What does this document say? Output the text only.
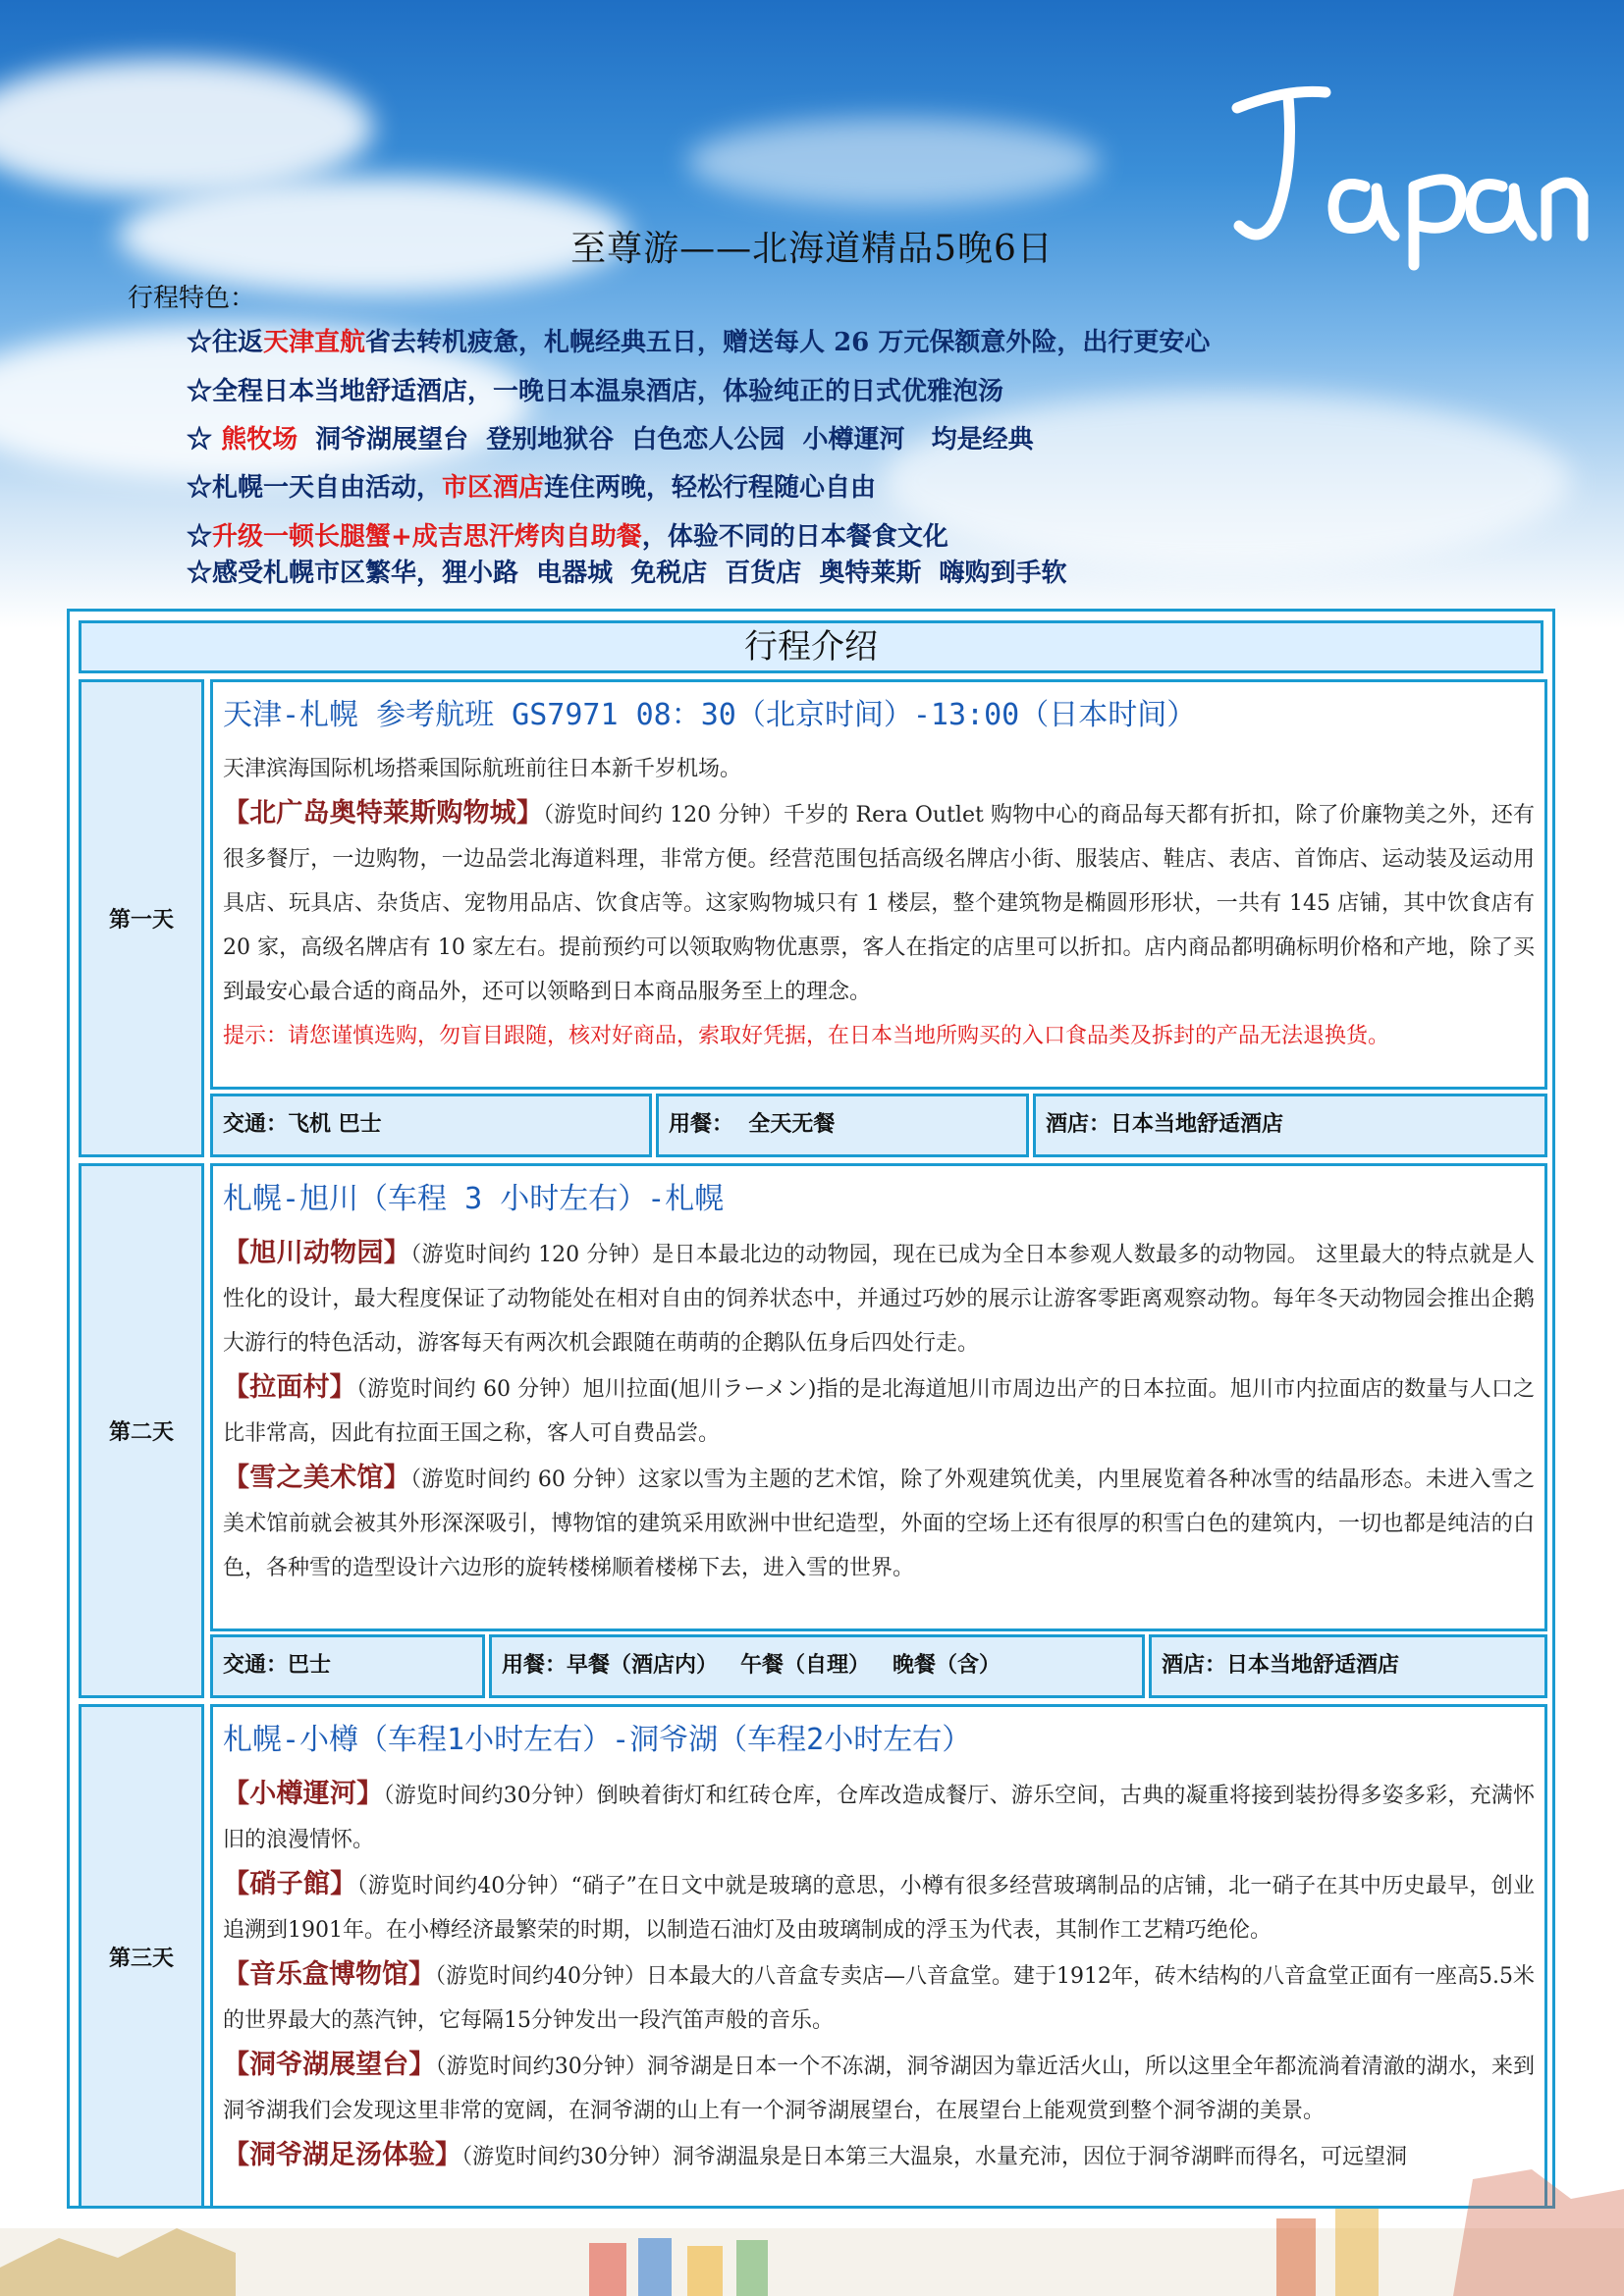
至尊游——北海道精品5晚6日
行程特色：
☆往返天津直航省去转机疲惫，札幌经典五日，赠送每人 26 万元保额意外险，出行更安心
☆全程日本当地舒适酒店，一晚日本温泉酒店，体验纯正的日式优雅泡汤
☆ 熊牧场  洞爷湖展望台  登别地狱谷  白色恋人公园  小樽運河   均是经典
☆札幌一天自由活动，市区酒店连住两晚，轻松行程随心自由
☆升级一顿长腿蟹+成吉思汗烤肉自助餐，体验不同的日本餐食文化
☆感受札幌市区繁华，狸小路  电器城  免税店  百货店  奥特莱斯  嗨购到手软
行程介绍
第一天

天津-札幌 参考航班 GS7971 08：30（北京时间）-13:00（日本时间）

天津滨海国际机场搭乘国际航班前往日本新千岁机场。

【北广岛奥特莱斯购物城】（游览时间约 120 分钟）千岁的 Rera Outlet 购物中心的商品每天都有折扣，除了价廉物美之外，还有很多餐厅，一边购物，一边品尝北海道料理，非常方便。经营范围包括高级名牌店小街、服装店、鞋店、表店、首饰店、运动装及运动用具店、玩具店、杂货店、宠物用品店、饮食店等。这家购物城只有 1 楼层，整个建筑物是椭圆形形状，一共有 145 店铺，其中饮食店有 20 家，高级名牌店有 10 家左右。提前预约可以领取购物优惠票，客人在指定的店里可以折扣。店内商品都明确标明价格和产地，除了买到最安心最合适的商品外，还可以领略到日本商品服务至上的理念。

提示：请您谨慎选购，勿盲目跟随，核对好商品，索取好凭据，在日本当地所购买的入口食品类及拆封的产品无法退换货。

交通：飞机 巴士	用餐：  全天无餐	酒店：日本当地舒适酒店
第二天

札幌-旭川（车程 3 小时左右）-札幌

【旭川动物园】（游览时间约 120 分钟）是日本最北边的动物园，现在已成为全日本参观人数最多的动物园。 这里最大的特点就是人性化的设计，最大程度保证了动物能处在相对自由的饲养状态中，并通过巧妙的展示让游客零距离观察动物。每年冬天动物园会推出企鹅大游行的特色活动，游客每天有两次机会跟随在萌萌的企鹅队伍身后四处行走。

【拉面村】（游览时间约 60 分钟）旭川拉面(旭川ラーメン)指的是北海道旭川市周边出产的日本拉面。旭川市内拉面店的数量与人口之比非常高，因此有拉面王国之称，客人可自费品尝。

【雪之美术馆】（游览时间约 60 分钟）这家以雪为主题的艺术馆，除了外观建筑优美，内里展览着各种冰雪的结晶形态。未进入雪之美术馆前就会被其外形深深吸引，博物馆的建筑采用欧洲中世纪造型，外面的空场上还有很厚的积雪白色的建筑内，一切也都是纯洁的白色，各种雪的造型设计六边形的旋转楼梯顺着楼梯下去，进入雪的世界。

交通：巴士	用餐：早餐（酒店内）   午餐（自理）   晚餐（含）	酒店：日本当地舒适酒店
第三天

札幌-小樽（车程1小时左右）-洞爷湖（车程2小时左右）

【小樽運河】（游览时间约30分钟）倒映着街灯和红砖仓库，仓库改造成餐厅、游乐空间，古典的凝重将接到装扮得多姿多彩，充满怀旧的浪漫情怀。

【硝子館】（游览时间约40分钟）“硝子”在日文中就是玻璃的意思，小樽有很多经营玻璃制品的店铺，北一硝子在其中历史最早，创业追溯到1901年。在小樽经济最繁荣的时期，以制造石油灯及由玻璃制成的浮玉为代表，其制作工艺精巧绝伦。

【音乐盒博物馆】（游览时间约40分钟）日本最大的八音盒专卖店—八音盒堂。建于1912年，砖木结构的八音盒堂正面有一座高5.5米的世界最大的蒸汽钟，它每隔15分钟发出一段汽笛声般的音乐。

【洞爷湖展望台】（游览时间约30分钟）洞爷湖是日本一个不冻湖，洞爷湖因为靠近活火山，所以这里全年都流淌着清澈的湖水，来到洞爷湖我们会发现这里非常的宽阔，在洞爷湖的山上有一个洞爷湖展望台，在展望台上能观赏到整个洞爷湖的美景。

【洞爷湖足汤体验】（游览时间约30分钟）洞爷湖温泉是日本第三大温泉，水量充沛，因位于洞爷湖畔而得名，可远望洞
